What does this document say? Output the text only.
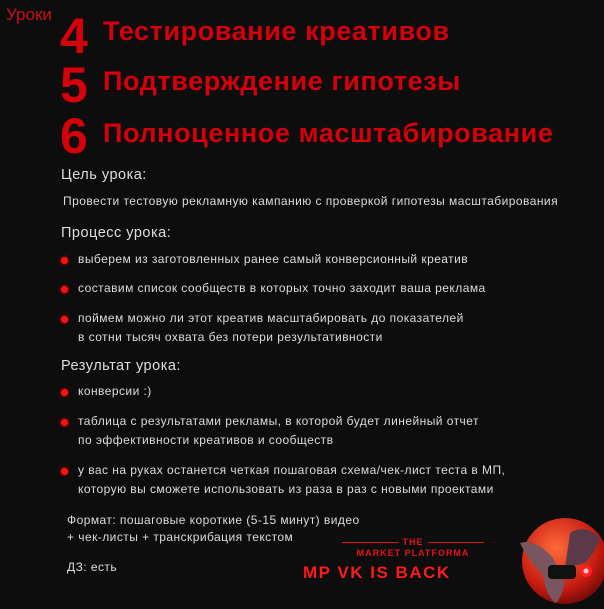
Уроки 4 Тестирование креативов
5 Подтверждение гипотезы
6 Полноценное масштабирование
Цель урока:
Провести тестовую рекламную кампанию с проверкой гипотезы масштабирования
Процесс урока:
выберем из заготовленных ранее самый конверсионный креатив
составим список сообществ в которых точно заходит ваша реклама
поймем можно ли этот креатив масштабировать до показателей
в сотни тысяч охвата без потери результативности
Результат урока:
конверсии :)
таблица с результатами рекламы, в которой будет линейный отчет
по эффективности креативов и сообществ
у вас на руках останется четкая пошаговая схема/чек-лист теста в МП,
которую вы сможете использовать из раза в раз с новыми проектами
Формат: пошаговые короткие (5-15 минут) видео
+ чек-листы + транскрибация текстом
ДЗ: есть
THE
MARKET PLATFORMA
MP VK IS BACK
